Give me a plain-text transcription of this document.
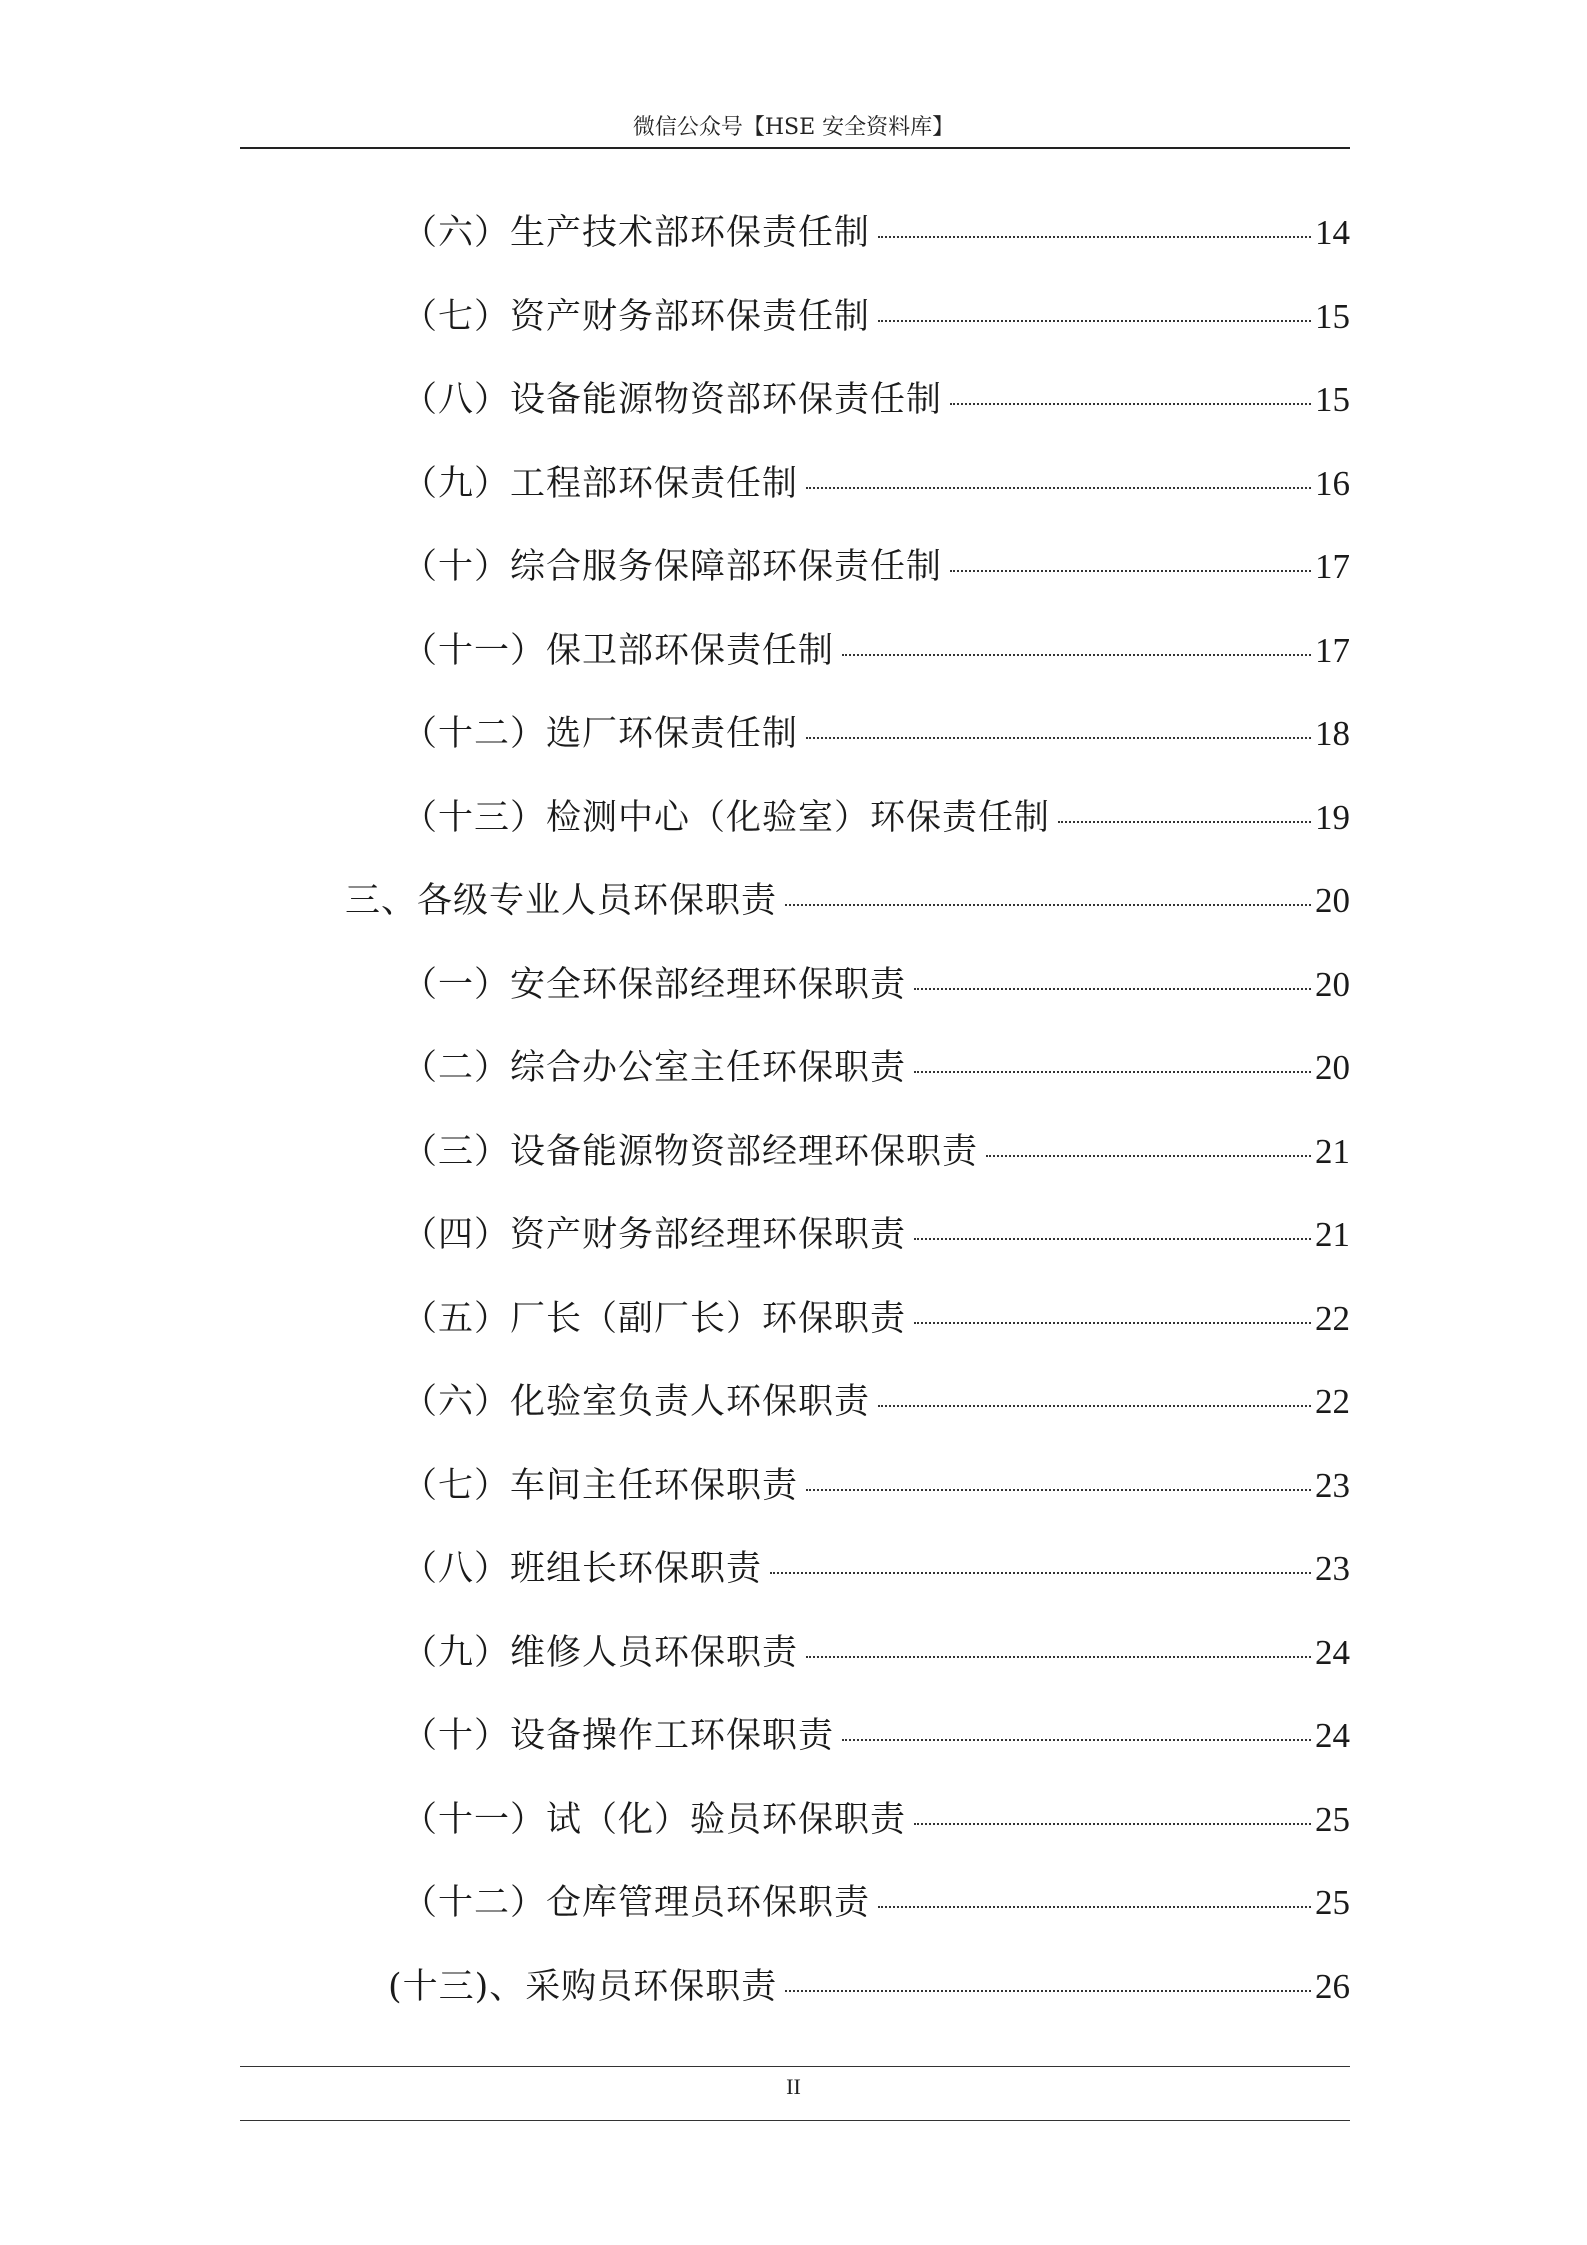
微信公众号【HSE 安全资料库】
（六）生产技术部环保责任制	14
（七）资产财务部环保责任制	15
（八）设备能源物资部环保责任制	15
（九）工程部环保责任制	16
（十）综合服务保障部环保责任制	17
（十一）保卫部环保责任制	17
（十二）选厂环保责任制	18
（十三）检测中心（化验室）环保责任制	19
三、各级专业人员环保职责	20
（一）安全环保部经理环保职责	20
（二）综合办公室主任环保职责	20
（三）设备能源物资部经理环保职责	21
（四）资产财务部经理环保职责	21
（五）厂长（副厂长）环保职责	22
（六）化验室负责人环保职责	22
（七）车间主任环保职责	23
（八）班组长环保职责	23
（九）维修人员环保职责	24
（十）设备操作工环保职责	24
（十一）试（化）验员环保职责	25
（十二）仓库管理员环保职责	25
(十三)、采购员环保职责	26
II
